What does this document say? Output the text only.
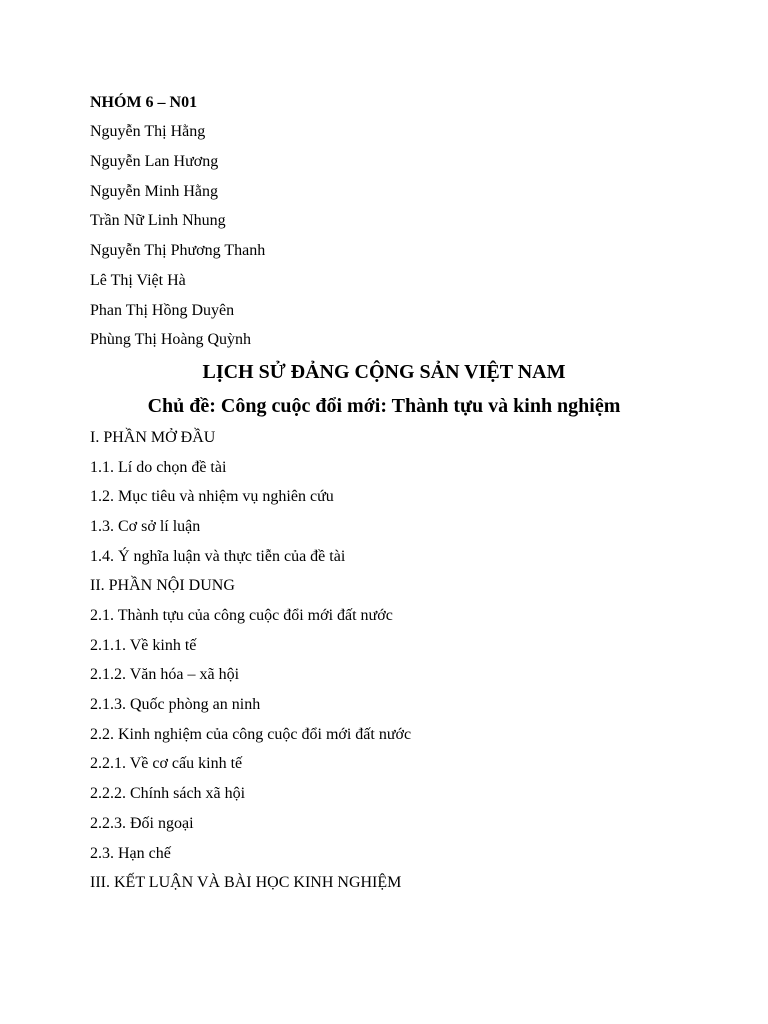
NHÓM 6 – N01
Nguyễn Thị Hằng
Nguyễn Lan Hương
Nguyễn Minh Hằng
Trần Nữ Linh Nhung
Nguyễn Thị Phương Thanh
Lê Thị Việt Hà
Phan Thị Hồng Duyên
Phùng Thị Hoàng Quỳnh
LỊCH SỬ ĐẢNG CỘNG SẢN VIỆT NAM
Chủ đề: Công cuộc đổi mới: Thành tựu và kinh nghiệm
I. PHẦN MỞ ĐẦU
1.1. Lí do chọn đề tài
1.2. Mục tiêu và nhiệm vụ nghiên cứu
1.3. Cơ sở lí luận
1.4. Ý nghĩa luận và thực tiễn của đề tài
II. PHẦN NỘI DUNG
2.1. Thành tựu của công cuộc đổi mới đất nước
2.1.1. Về kinh tế
2.1.2. Văn hóa – xã hội
2.1.3. Quốc phòng an ninh
2.2. Kinh nghiệm của công cuộc đổi mới đất nước
2.2.1. Về cơ cấu kinh tế
2.2.2. Chính sách xã hội
2.2.3. Đối ngoại
2.3. Hạn chế
III. KẾT LUẬN VÀ BÀI HỌC KINH NGHIỆM
